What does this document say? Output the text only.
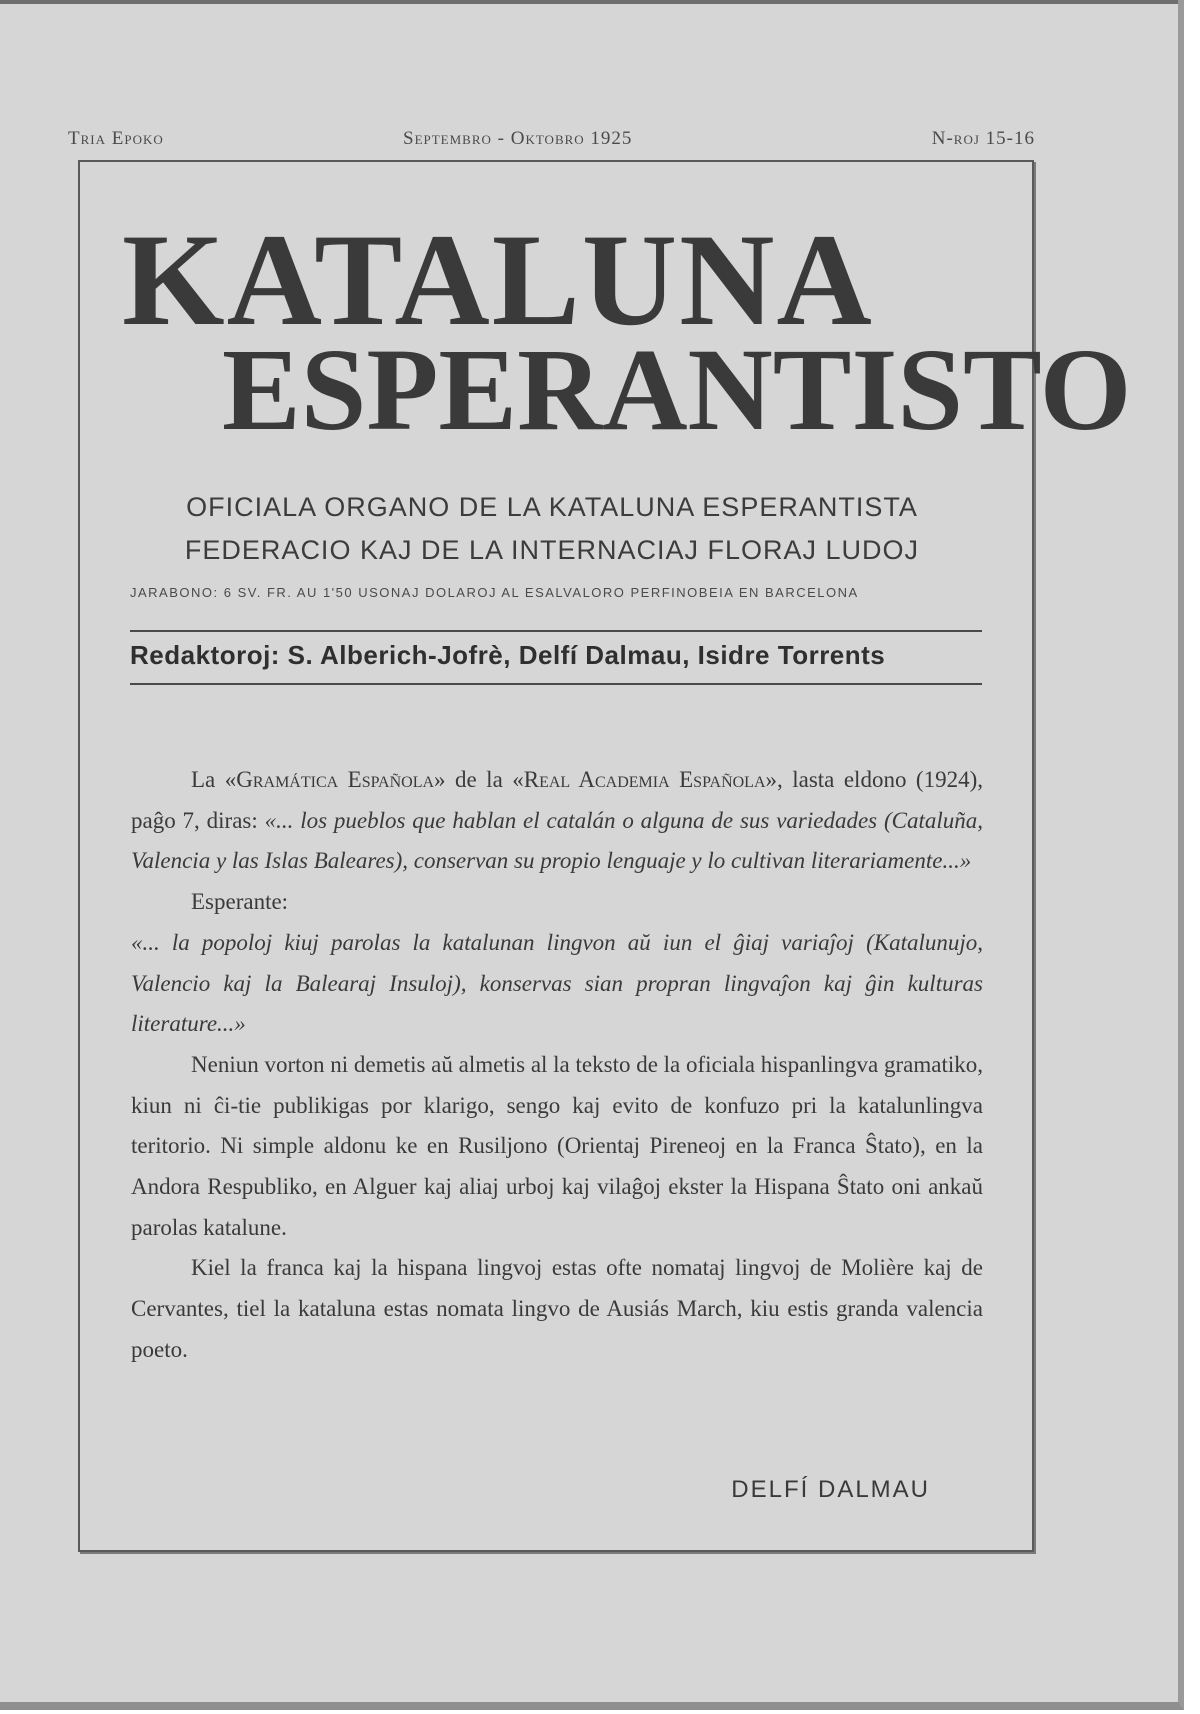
Tria Epoko	Septembro - Oktobro 1925	N-roj 15-16
KATALUNA
ESPERANTISTO
OFICIALA ORGANO DE LA KATALUNA ESPERANTISTA
FEDERACIO KAJ DE LA INTERNACIAJ FLORAJ LUDOJ
JARABONO: 6 SV. FR. AU 1'50 USONAJ DOLAROJ AL ESALVALORO PERFINOBEIA EN BARCELONA
Redaktoroj: S. Alberich-Jofrè, Delfí Dalmau, Isidre Torrents

La «Gramática Española» de la «Real Academia Española», lasta eldono (1924), paĝo 7, diras: «... los pueblos que hablan el catalán o alguna de sus variedades (Cataluña, Valencia y las Islas Baleares), conservan su propio lenguaje y lo cultivan literariamente...»

Esperante:

«... la popoloj kiuj parolas la katalunan lingvon aŭ iun el ĝiaj variaĵoj (Katalunujo, Valencio kaj la Balearaj Insuloj), konservas sian propran lingvaĵon kaj ĝin kulturas literature...»

Neniun vorton ni demetis aŭ almetis al la teksto de la oficiala hispanlingva gramatiko, kiun ni ĉi-tie publikigas por klarigo, sengo kaj evito de konfuzo pri la katalunlingva teritorio. Ni simple aldonu ke en Rusiljono (Orientaj Pireneoj en la Franca Ŝtato), en la Andora Respubliko, en Alguer kaj aliaj urboj kaj vilaĝoj ekster la Hispana Ŝtato oni ankaŭ parolas katalune.

Kiel la franca kaj la hispana lingvoj estas ofte nomataj lingvoj de Molière kaj de Cervantes, tiel la kataluna estas nomata lingvo de Ausiás March, kiu estis granda valencia poeto.

DELFÍ DALMAU
